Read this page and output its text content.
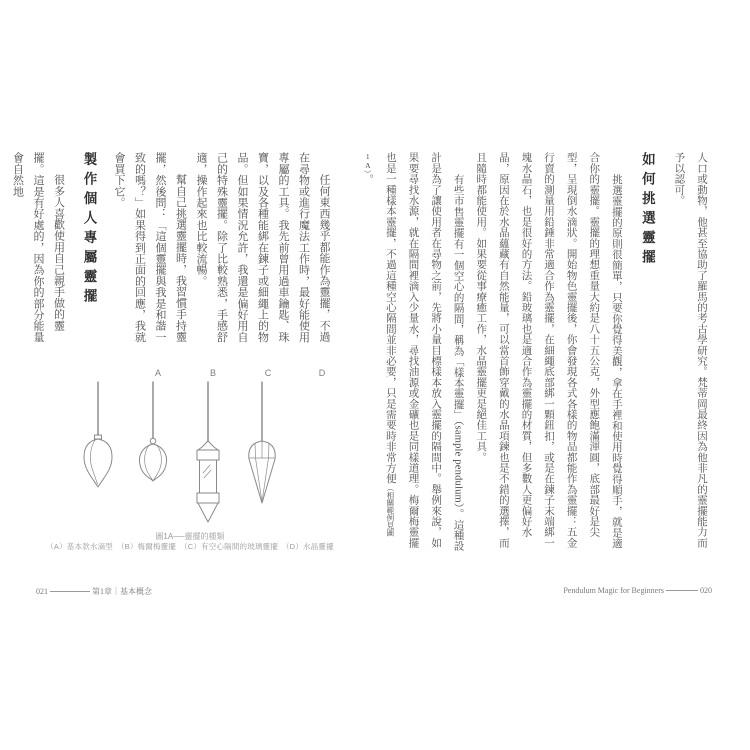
人口或動物，他甚至協助了羅馬的考古學研究。梵蒂岡最終因為他非凡的靈擺能力而予以認可。

如何挑選靈擺

挑選靈擺的原則很簡單，只要你覺得美觀，拿在手裡和使用時覺得順手，就是適合你的靈擺。靈擺的理想重量大約是八十五公克，外型應飽滿渾圓，底部最好是尖型，呈現倒水滴狀。開始物色靈擺後，你會發現各式各樣的物品都能作為靈擺：五金行賣的測量用鉛錘非常適合作為靈擺，在細繩底部綁一顆鈕扣，或是在鍊子末端綁一塊水晶石，也是很好的方法。鉛玻璃也是適合作為靈擺的材質，但多數人更偏好水晶，原因在於水晶蘊藏有自然能量，可以當首飾穿戴的水晶項鍊也是不錯的選擇，而且隨時都能使用。如果要從事療癒工作，水晶靈擺更是絕佳工具。

有些市售靈擺有一個空心的隔間，稱為「樣本靈擺」（sample pendulum）。這種設計是為了讓使用者在尋物之前，先將小量目標樣本放入靈擺的隔間中。舉例來說，如果要尋找水源，就在隔間裡滴入少量水，尋找油源或金礦也是同樣道理。梅爾梅靈擺也是一種樣本靈擺，不過這種空心隔間並非必要，只是需要時非常方便（相關範例見圖1A）。

任何東西幾乎都能作為靈擺，不過在尋物或進行魔法工作時，最好能使用專屬的工具。我先前曾用過車鑰匙、珠寶，以及各種能綁在鍊子或細繩上的物品。但如果情況允許，我還是偏好用自己的特殊靈擺。除了比較熟悉，手感舒適，操作起來也比較流暢。

幫自己挑選靈擺時，我習慣手持靈擺，然後問：「這個靈擺與我是和諧一致的嗎？」如果得到正面的回應，我就會買下它。

製作個人專屬靈擺

很多人喜歡使用自己親手做的靈擺。這是有好處的，因為你的部分能量會自然地

A	B	C	D

圖1A──靈擺的種類

（A）基本款水滴型　（B）梅爾梅靈擺　（C）有空心隔間的玻璃靈擺　（D）水晶靈擺

021	第1章｜基本概念	Pendulum Magic for Beginners	020
